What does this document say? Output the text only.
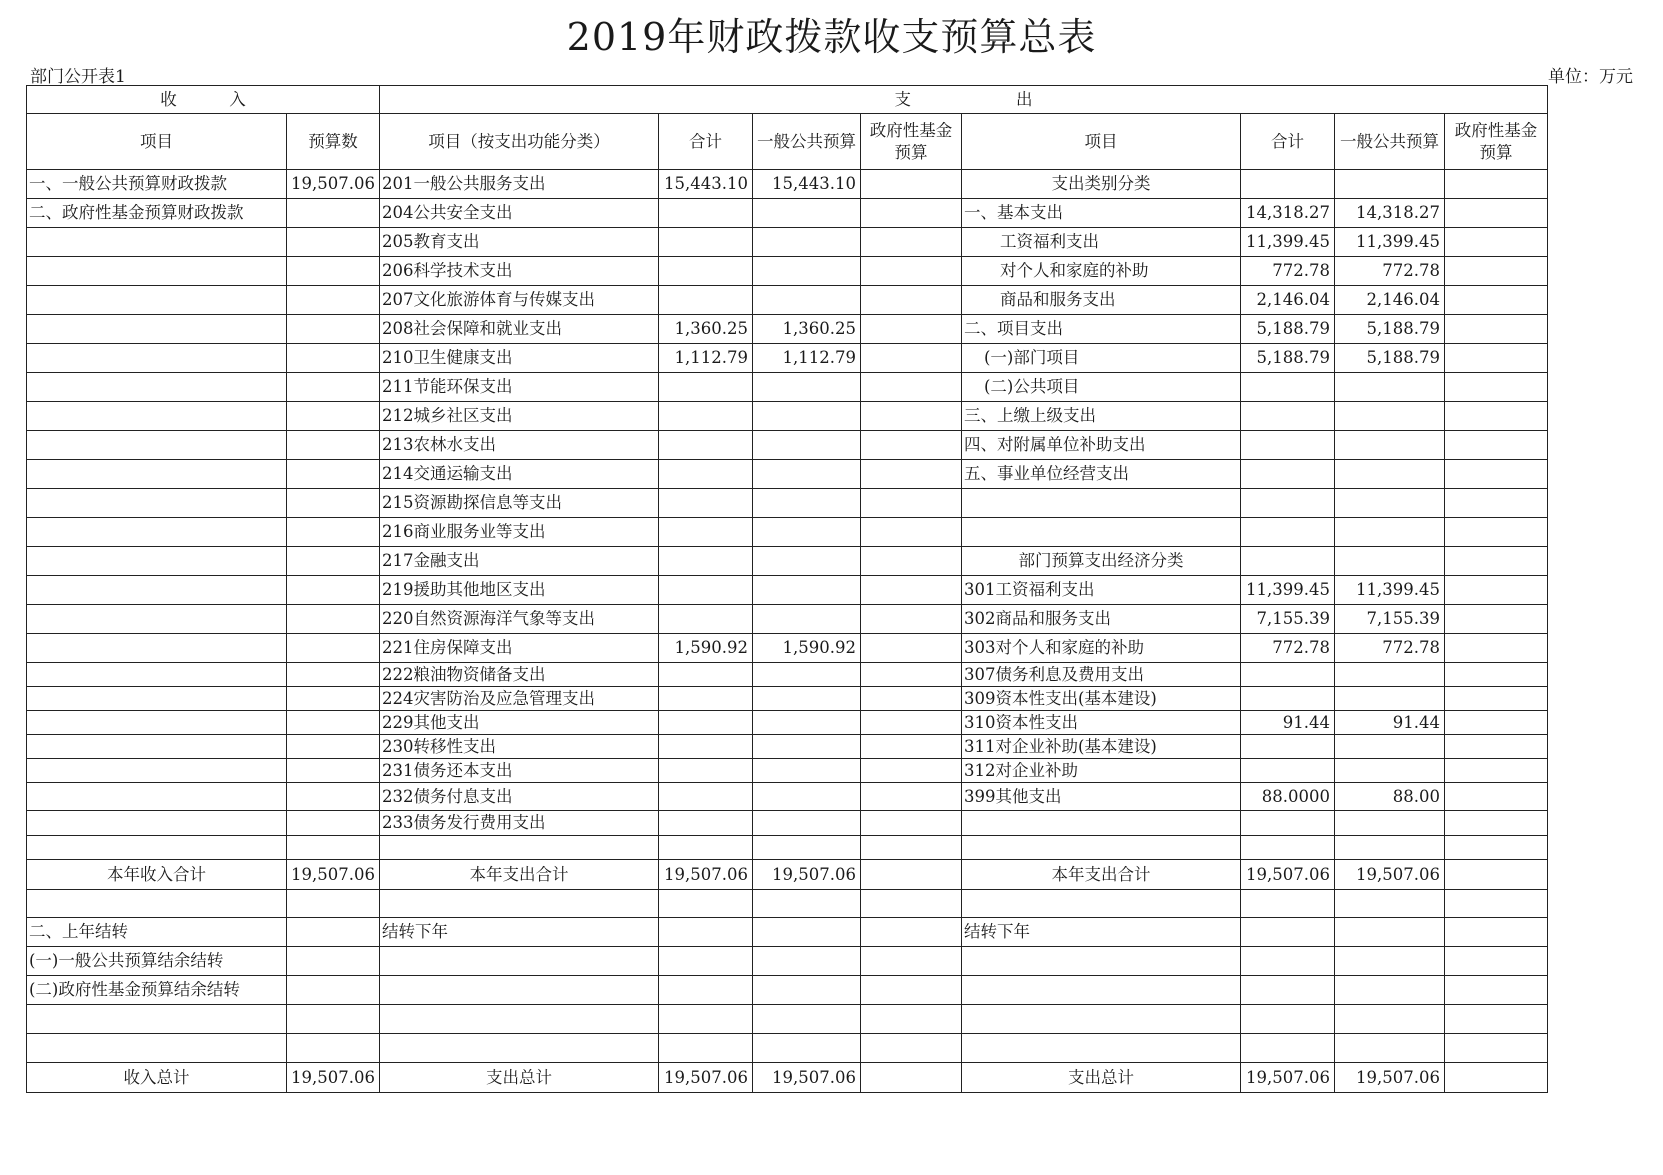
2019年财政拨款收支预算总表
部门公开表1	单位：万元
收          入		支                    出							
项目	预算数	项目（按支出功能分类）	合计	一般公共预算	政府性基金预算	项目	合计	一般公共预算	政府性基金预算
一、一般公共预算财政拨款	19,507.06	201一般公共服务支出	15,443.10	15,443.10		支出类别分类			
二、政府性基金预算财政拨款		204公共安全支出				一、基本支出	14,318.27	14,318.27	
		205教育支出				工资福利支出	11,399.45	11,399.45	
		206科学技术支出				对个人和家庭的补助	772.78	772.78	
		207文化旅游体育与传媒支出				商品和服务支出	2,146.04	2,146.04	
		208社会保障和就业支出	1,360.25	1,360.25		二、项目支出	5,188.79	5,188.79	
		210卫生健康支出	1,112.79	1,112.79		(一)部门项目	5,188.79	5,188.79	
		211节能环保支出				(二)公共项目			
		212城乡社区支出				三、上缴上级支出			
		213农林水支出				四、对附属单位补助支出			
		214交通运输支出				五、事业单位经营支出			
		215资源勘探信息等支出							
		216商业服务业等支出							
		217金融支出				部门预算支出经济分类			
		219援助其他地区支出				301工资福利支出	11,399.45	11,399.45	
		220自然资源海洋气象等支出				302商品和服务支出	7,155.39	7,155.39	
		221住房保障支出	1,590.92	1,590.92		303对个人和家庭的补助	772.78	772.78	
		222粮油物资储备支出				307债务利息及费用支出			
		224灾害防治及应急管理支出				309资本性支出(基本建设)			
		229其他支出				310资本性支出	91.44	91.44	
		230转移性支出				311对企业补助(基本建设)			
		231债务还本支出				312对企业补助			
		232债务付息支出				399其他支出	88.0000	88.00	
		233债务发行费用支出							

本年收入合计	19,507.06	本年支出合计	19,507.06	19,507.06		本年支出合计	19,507.06	19,507.06	

二、上年结转		结转下年				结转下年			
(一)一般公共预算结余结转									
(二)政府性基金预算结余结转									

收入总计	19,507.06	支出总计	19,507.06	19,507.06		支出总计	19,507.06	19,507.06	
